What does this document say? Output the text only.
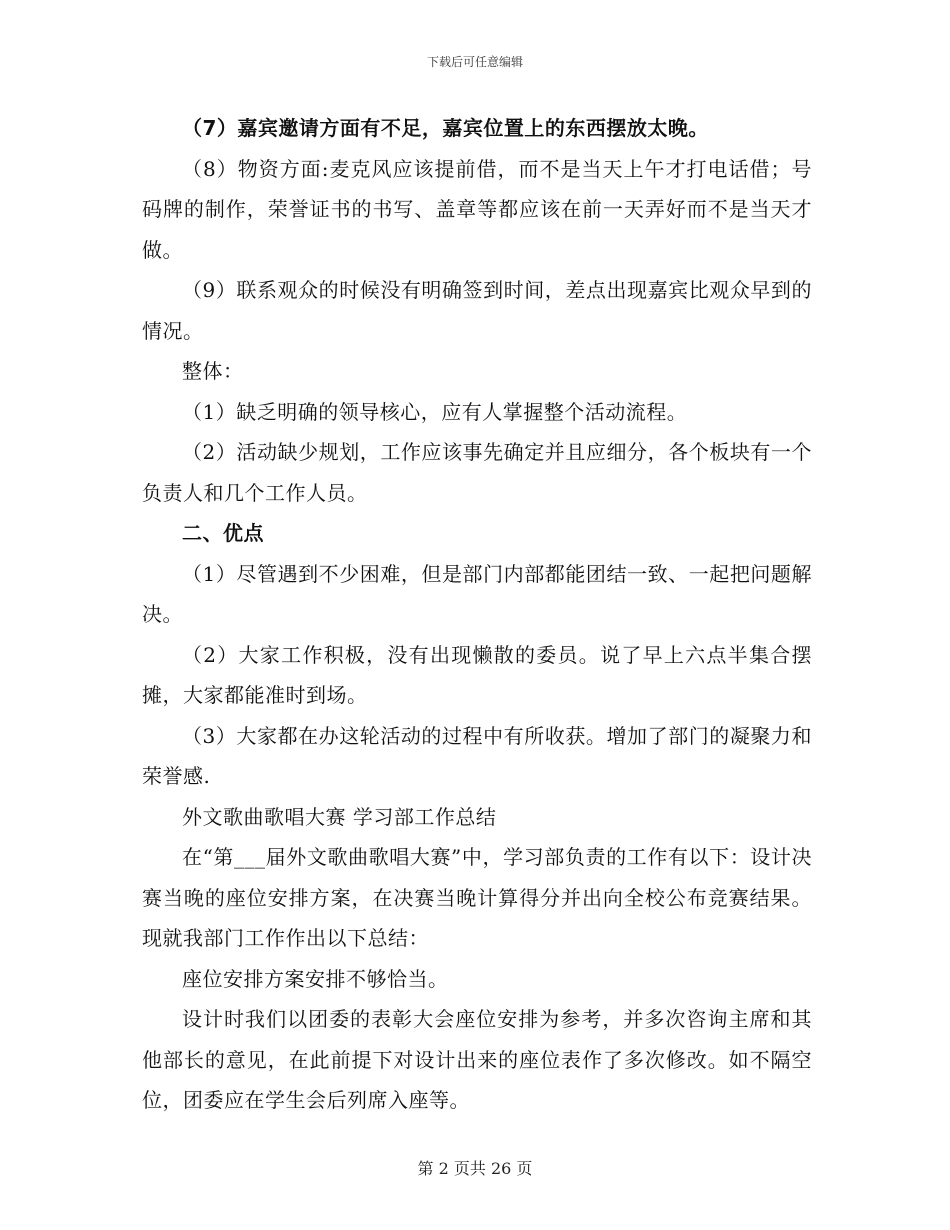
下载后可任意编辑

（7）嘉宾邀请方面有不足，嘉宾位置上的东西摆放太晚。

（8）物资方面:麦克风应该提前借，而不是当天上午才打电话借；号码牌的制作，荣誉证书的书写、盖章等都应该在前一天弄好而不是当天才做。

（9）联系观众的时候没有明确签到时间，差点出现嘉宾比观众早到的情况。

整体：

（1）缺乏明确的领导核心，应有人掌握整个活动流程。

（2）活动缺少规划，工作应该事先确定并且应细分，各个板块有一个负责人和几个工作人员。

二、优点

（1）尽管遇到不少困难，但是部门内部都能团结一致、一起把问题解决。

（2）大家工作积极，没有出现懒散的委员。说了早上六点半集合摆摊，大家都能准时到场。

（3）大家都在办这轮活动的过程中有所收获。增加了部门的凝聚力和荣誉感.

外文歌曲歌唱大赛 学习部工作总结

在“第___届外文歌曲歌唱大赛”中，学习部负责的工作有以下：设计决赛当晚的座位安排方案，在决赛当晚计算得分并出向全校公布竞赛结果。现就我部门工作作出以下总结：

座位安排方案安排不够恰当。

设计时我们以团委的表彰大会座位安排为参考，并多次咨询主席和其他部长的意见，在此前提下对设计出来的座位表作了多次修改。如不隔空位，团委应在学生会后列席入座等。

第 2 页共 26 页
